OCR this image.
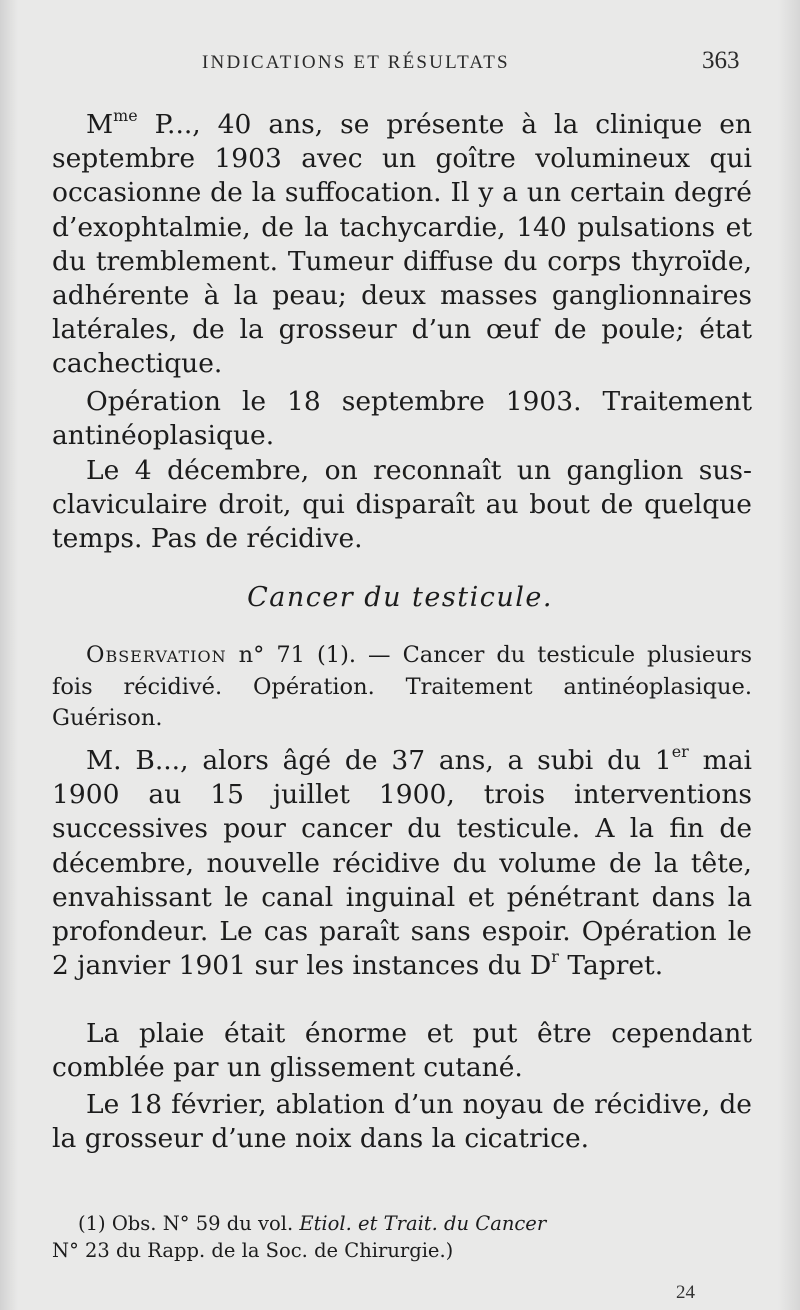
INDICATIONS ET RÉSULTATS	363

$M^{me}$ P..., 40 ans, se présente à la clinique en septembre 1903 avec un goître volumineux qui occasionne de la suffocation. Il y a un certain degré d’exophtalmie, de la tachycardie, 140 pulsations et du tremblement. Tumeur diffuse du corps thyroïde, adhérente à la peau; deux masses ganglionnaires latérales, de la grosseur d’un œuf de poule; état cachectique.

Opération le 18 septembre 1903. Traitement antinéoplasique.

Le 4 décembre, on reconnaît un ganglion sus-claviculaire droit, qui disparaît au bout de quelque temps. Pas de récidive.

Cancer du testicule.

Observation n° 71 (1). — Cancer du testicule plusieurs fois récidivé. Opération. Traitement antinéoplasique. Guérison.

M. B..., alors âgé de 37 ans, a subi du 1er mai 1900 au 15 juillet 1900, trois interventions successives pour cancer du testicule. A la fin de décembre, nouvelle récidive du volume de la tête, envahissant le canal inguinal et pénétrant dans la profondeur. Le cas paraît sans espoir. Opération le 2 janvier 1901 sur les instances du $D^r$ Tapret.

La plaie était énorme et put être cependant comblée par un glissement cutané.

Le 18 février, ablation d’un noyau de récidive, de la grosseur d’une noix dans la cicatrice.

(1) Obs. N° 59 du vol. Etiol. et Trait. du Cancer
N° 23 du Rapp. de la Soc. de Chirurgie.)
24
